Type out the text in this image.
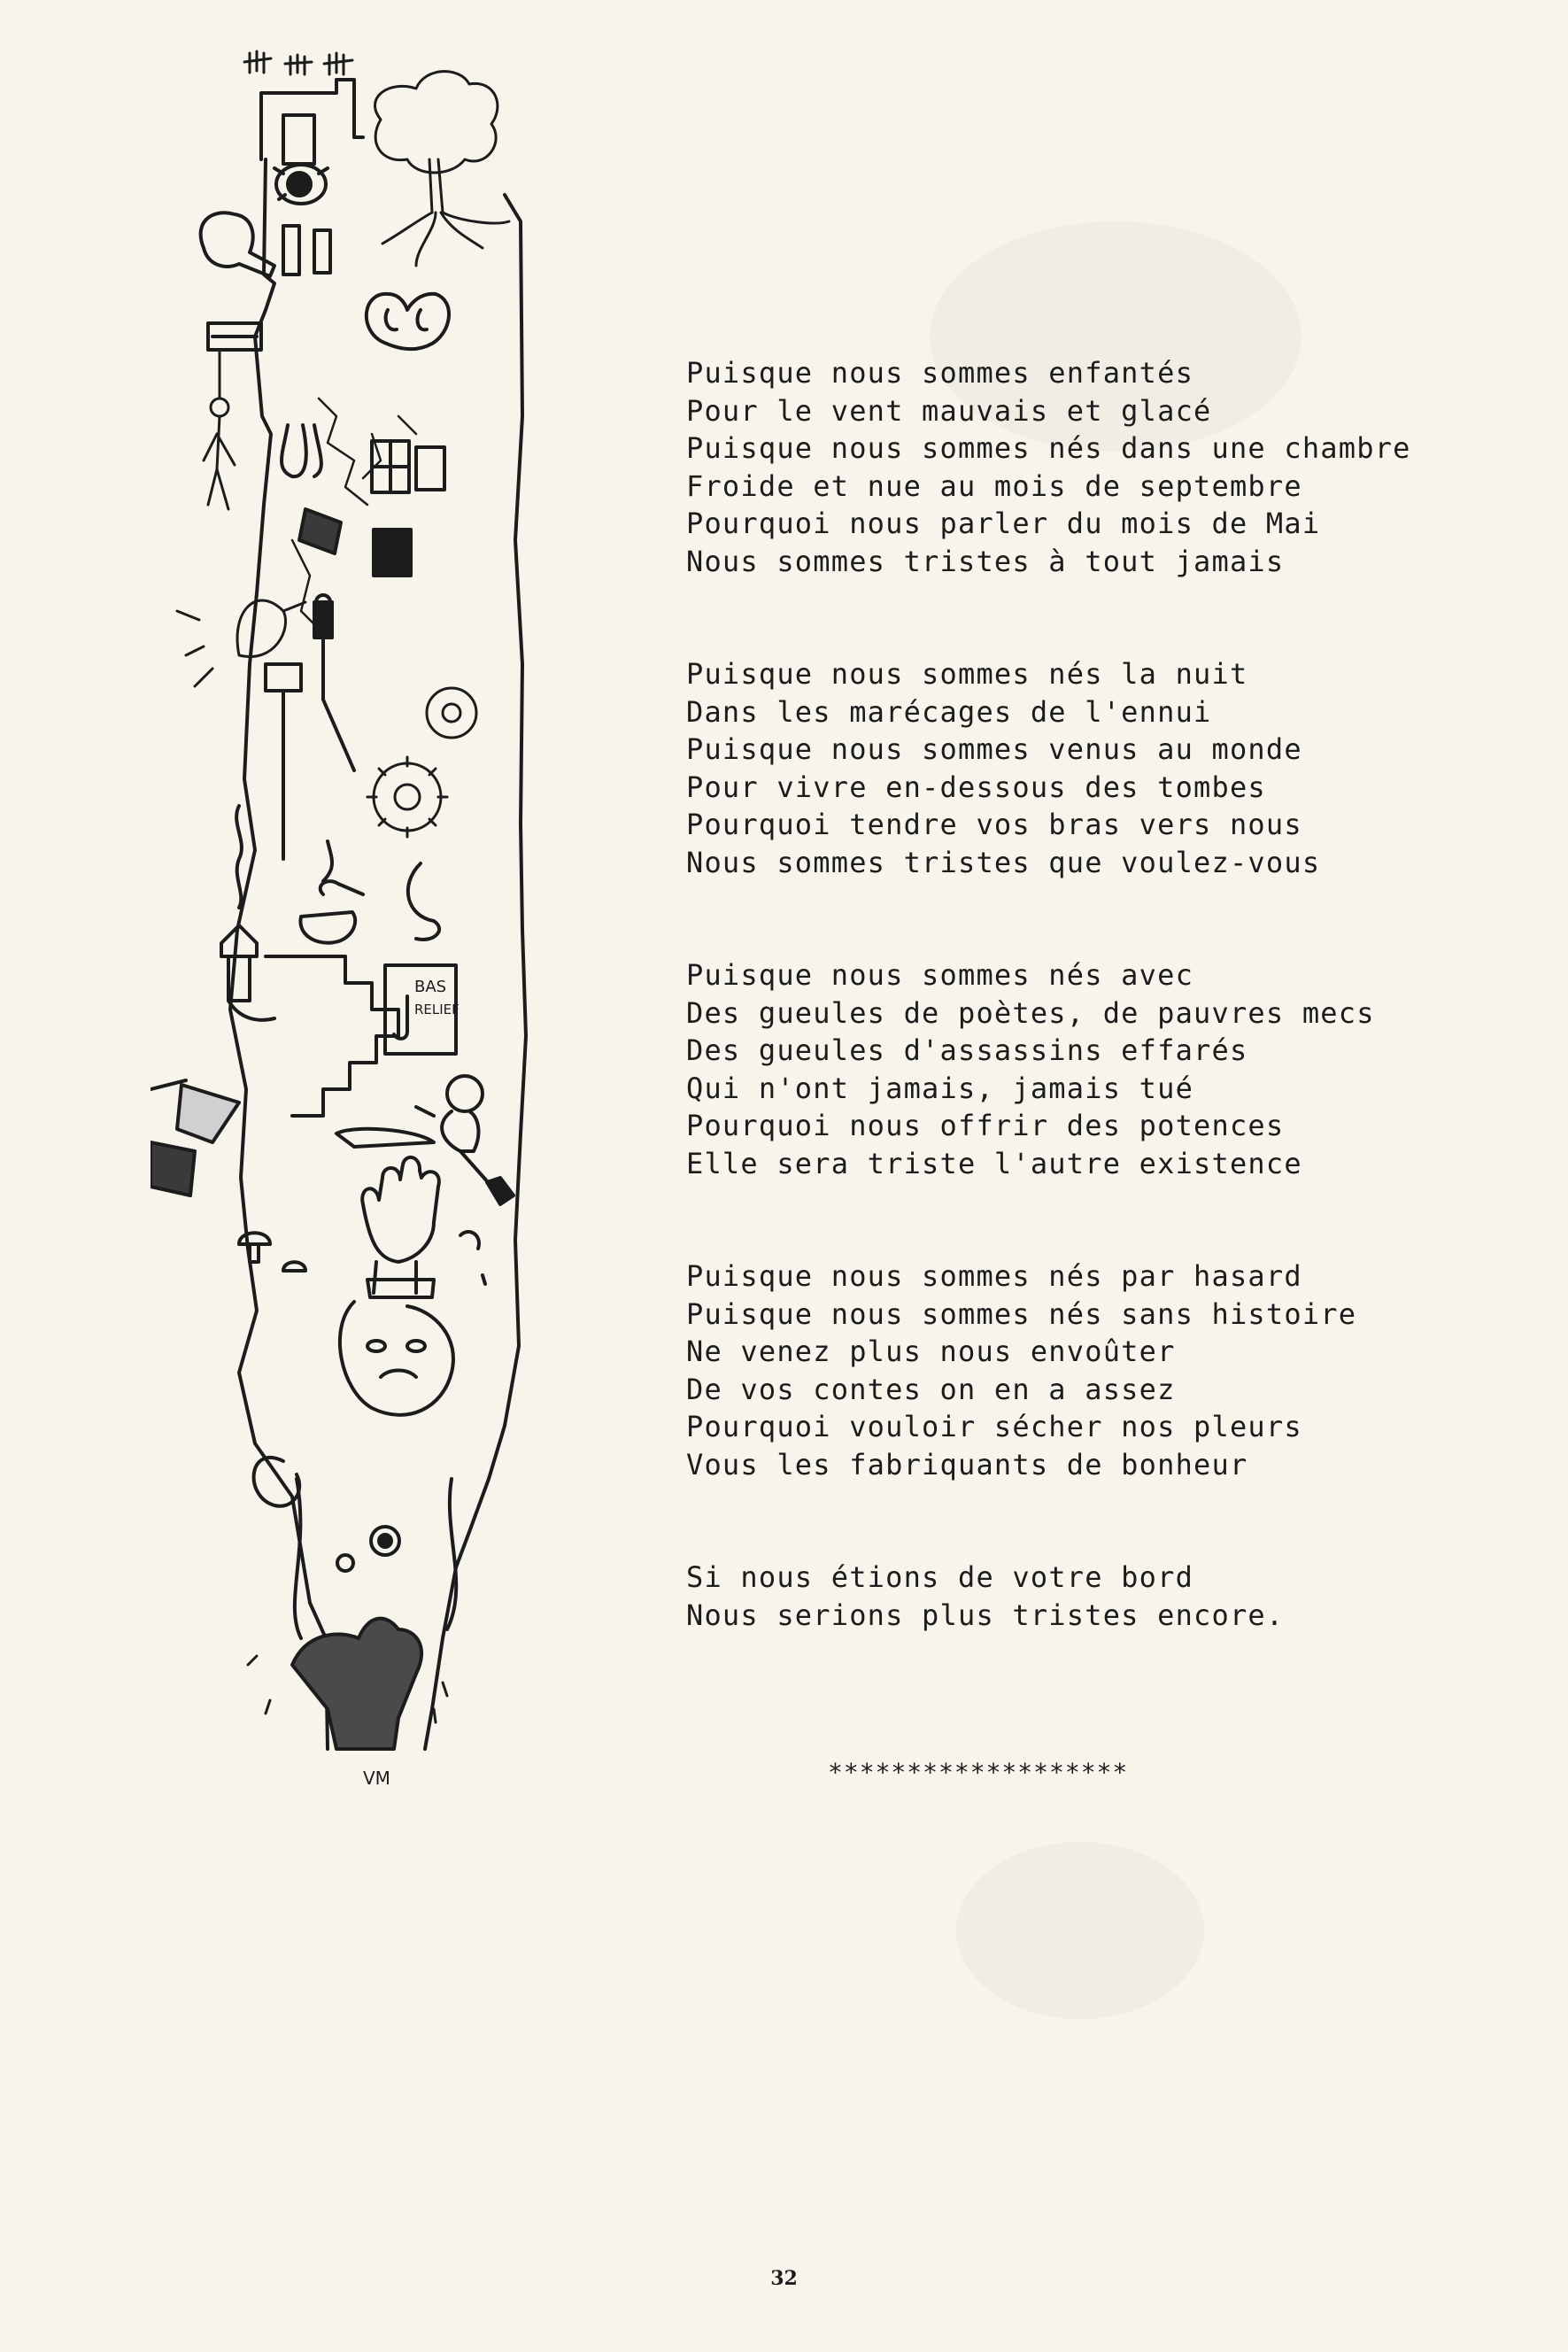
BAS
RELIEF
VM
Puisque nous sommes enfantés
Pour le vent mauvais et glacé
Puisque nous sommes nés dans une chambre
Froide et nue au mois de septembre
Pourquoi nous parler du mois de Mai
Nous sommes tristes à tout jamais
Puisque nous sommes nés la nuit
Dans les marécages de l'ennui
Puisque nous sommes venus au monde
Pour vivre en-dessous des tombes
Pourquoi tendre vos bras vers nous
Nous sommes tristes que voulez-vous
Puisque nous sommes nés avec
Des gueules de poètes, de pauvres mecs
Des gueules d'assassins effarés
Qui n'ont jamais, jamais tué
Pourquoi nous offrir des potences
Elle sera triste l'autre existence
Puisque nous sommes nés par hasard
Puisque nous sommes nés sans histoire
Ne venez plus nous envoûter
De vos contes on en a assez
Pourquoi vouloir sécher nos pleurs
Vous les fabriquants de bonheur
Si nous étions de votre bord
Nous serions plus tristes encore.
*******************
32
